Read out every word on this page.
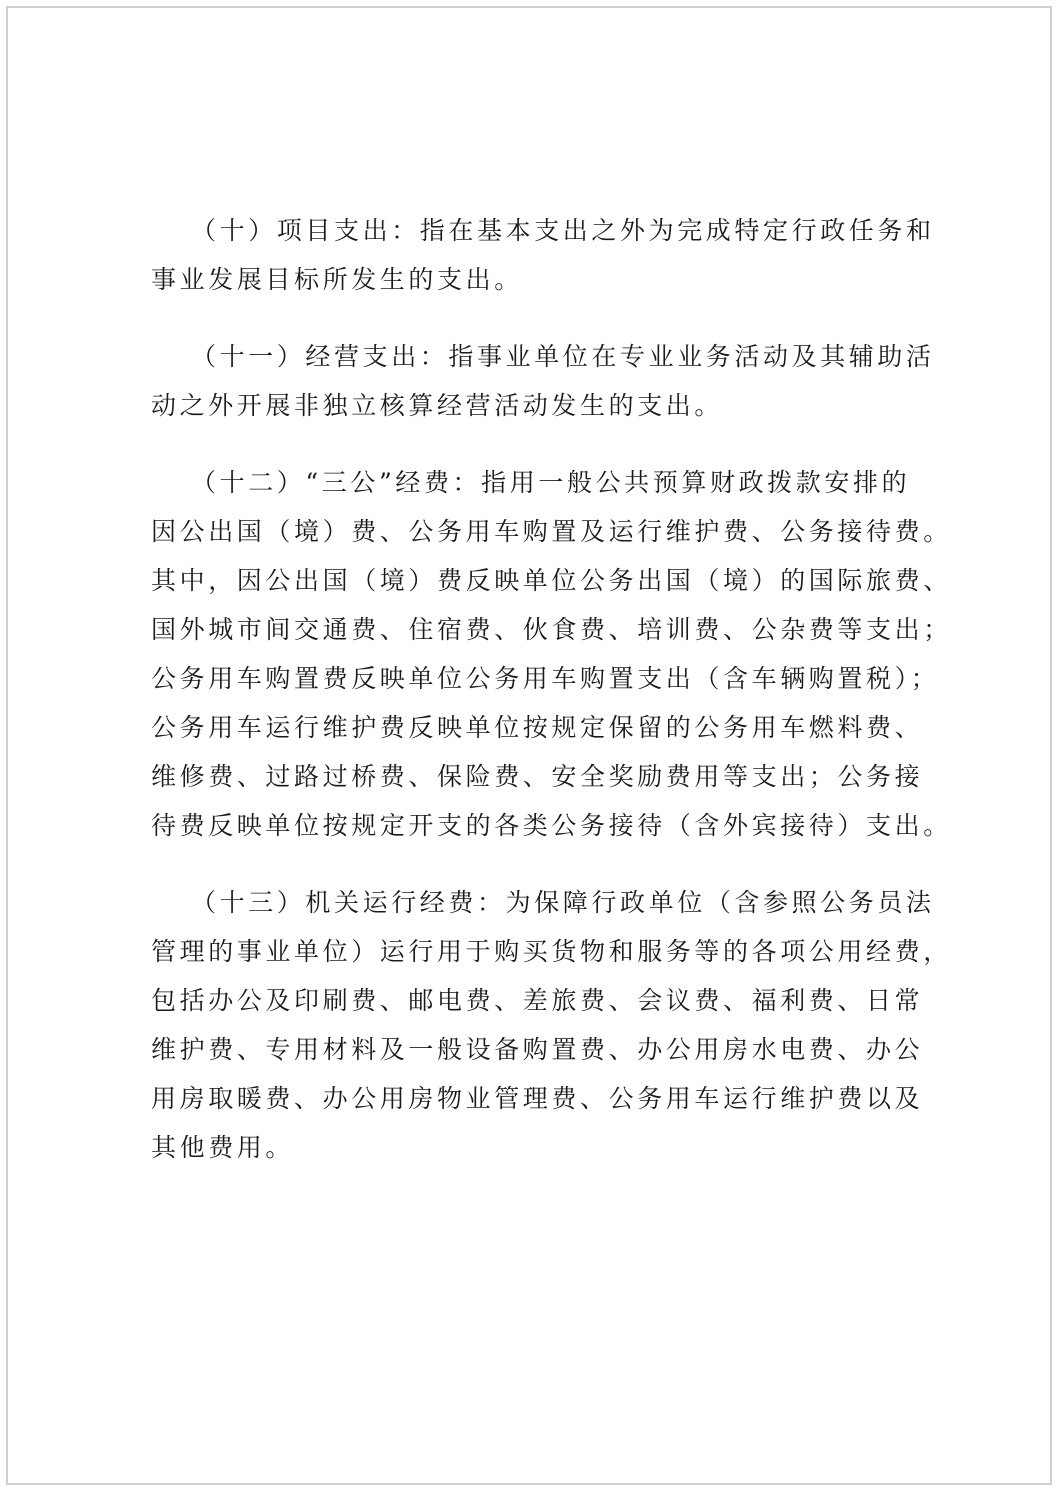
（十）项目支出：指在基本支出之外为完成特定行政任务和
事业发展目标所发生的支出。
（十一）经营支出：指事业单位在专业业务活动及其辅助活
动之外开展非独立核算经营活动发生的支出。
（十二）“三公”经费：指用一般公共预算财政拨款安排的
因公出国（境）费、公务用车购置及运行维护费、公务接待费。
其中，因公出国（境）费反映单位公务出国（境）的国际旅费、
国外城市间交通费、住宿费、伙食费、培训费、公杂费等支出；
公务用车购置费反映单位公务用车购置支出（含车辆购置税）；
公务用车运行维护费反映单位按规定保留的公务用车燃料费、
维修费、过路过桥费、保险费、安全奖励费用等支出；公务接
待费反映单位按规定开支的各类公务接待（含外宾接待）支出。
（十三）机关运行经费：为保障行政单位（含参照公务员法
管理的事业单位）运行用于购买货物和服务等的各项公用经费，
包括办公及印刷费、邮电费、差旅费、会议费、福利费、日常
维护费、专用材料及一般设备购置费、办公用房水电费、办公
用房取暖费、办公用房物业管理费、公务用车运行维护费以及
其他费用。
